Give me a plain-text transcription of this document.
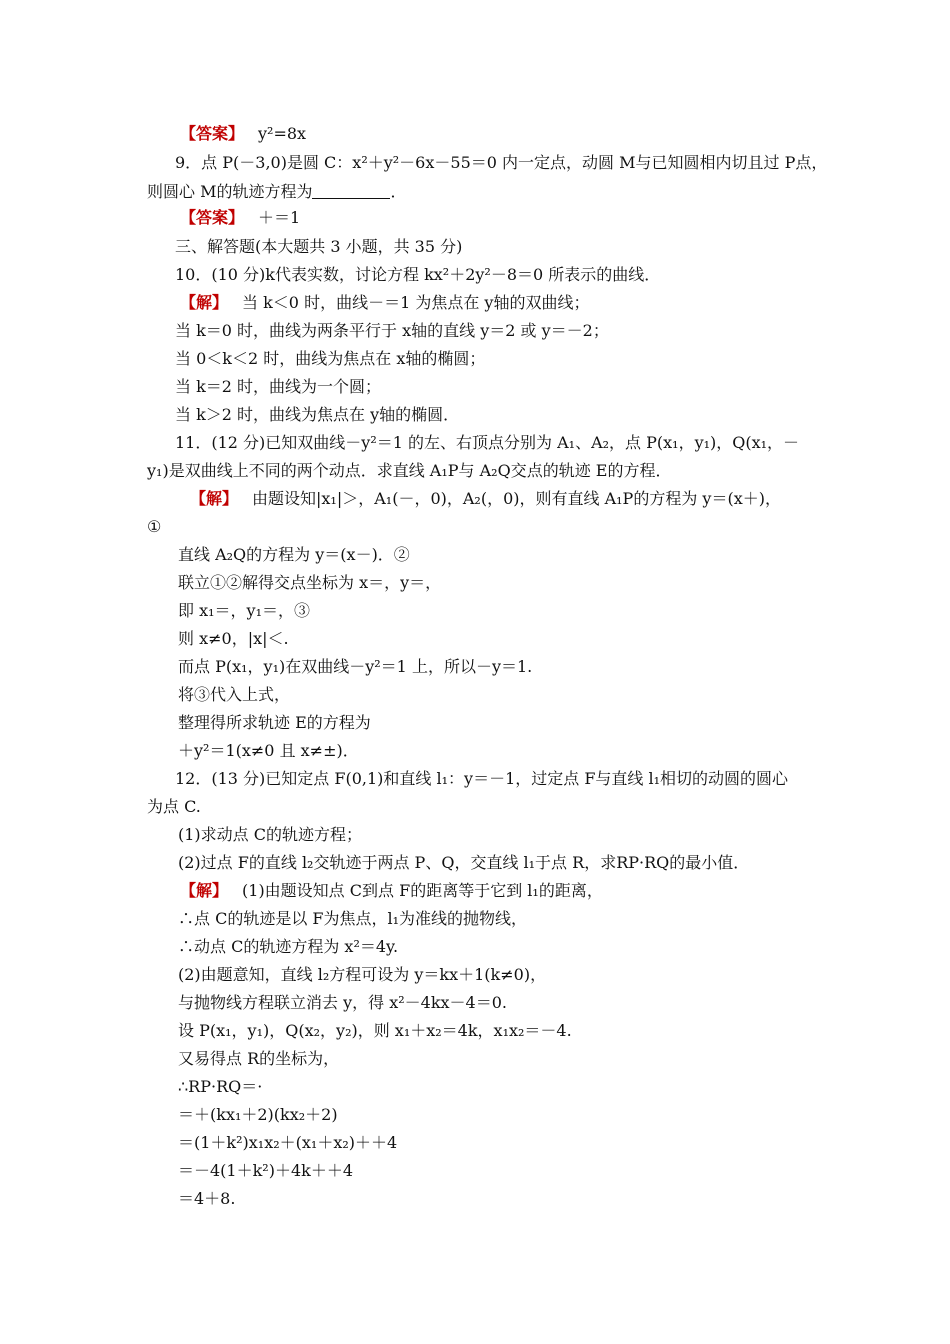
【答案】 y²=8x
9．点 P(－3,0)是圆 C：x²＋y²－6x－55＝0 内一定点，动圆 M与已知圆相内切且过 P点，
则圆心 M的轨迹方程为	．
【答案】 ＋＝1
三、解答题(本大题共 3 小题，共 35 分)
10．(10 分)k代表实数，讨论方程 kx²＋2y²－8＝0 所表示的曲线．
【解】 当 k＜0 时，曲线－＝1 为焦点在 y轴的双曲线；
当 k＝0 时，曲线为两条平行于 x轴的直线 y＝2 或 y＝－2；
当 0＜k＜2 时，曲线为焦点在 x轴的椭圆；
当 k＝2 时，曲线为一个圆；
当 k＞2 时，曲线为焦点在 y轴的椭圆．
11．(12 分)已知双曲线－y²＝1 的左、右顶点分别为 A₁、A₂，点 P(x₁，y₁)，Q(x₁，－
y₁)是双曲线上不同的两个动点．求直线 A₁P与 A₂Q交点的轨迹 E的方程．
【解】 由题设知|x₁|＞，A₁(－，0)，A₂(，0)，则有直线 A₁P的方程为 y＝(x＋)，
①
直线 A₂Q的方程为 y＝(x－)．②
联立①②解得交点坐标为 x＝，y＝，
即 x₁＝，y₁＝，③
则 x≠0，|x|＜.
而点 P(x₁，y₁)在双曲线－y²＝1 上，所以－y＝1.
将③代入上式，
整理得所求轨迹 E的方程为
＋y²＝1(x≠0 且 x≠±)．
12．(13 分)已知定点 F(0,1)和直线 l₁：y＝－1，过定点 F与直线 l₁相切的动圆的圆心
为点 C.
(1)求动点 C的轨迹方程；
(2)过点 F的直线 l₂交轨迹于两点 P、Q，交直线 l₁于点 R，求RP·RQ的最小值．
【解】 (1)由题设知点 C到点 F的距离等于它到 l₁的距离，
∴点 C的轨迹是以 F为焦点，l₁为准线的抛物线，
∴动点 C的轨迹方程为 x²＝4y.
(2)由题意知，直线 l₂方程可设为 y＝kx＋1(k≠0)，
与抛物线方程联立消去 y，得 x²－4kx－4＝0.
设 P(x₁，y₁)，Q(x₂，y₂)，则 x₁＋x₂＝4k，x₁x₂＝－4.
又易得点 R的坐标为，
∴RP·RQ＝·
＝＋(kx₁＋2)(kx₂＋2)
＝(1＋k²)x₁x₂＋(x₁＋x₂)＋＋4
＝－4(1＋k²)＋4k＋＋4
＝4＋8.
